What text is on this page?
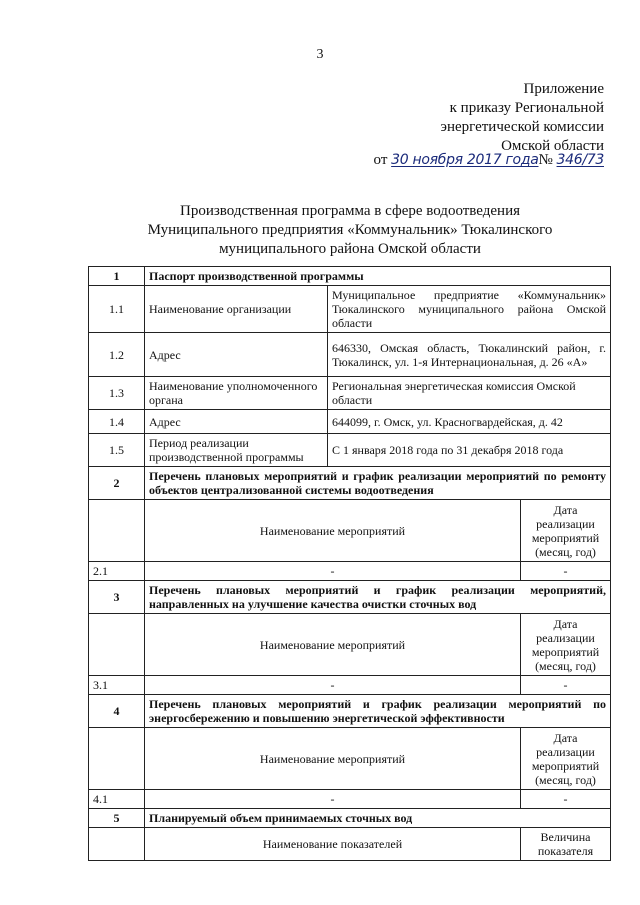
3
Приложение
к приказу Региональной
энергетической комиссии
Омской области
от 30 ноября 2017 года№ 346/73
Производственная программа в сфере водоотведения
Муниципального предприятия «Коммунальник» Тюкалинского
муниципального района Омской области
1	Паспорт производственной программы		
1.1	Наименование организации	Муниципальное предприятие «Коммунальник» Тюкалинского муниципального района Омской области	
1.2	Адрес	646330, Омская область, Тюкалинский район, г. Тюкалинск, ул. 1-я Интернациональная, д. 26 «А»	
1.3	Наименование уполномоченного органа	Региональная энергетическая комиссия Омской области	
1.4	Адрес	644099, г. Омск, ул. Красногвардейская, д. 42	
1.5	Период реализации производственной программы	С 1 января 2018 года по 31 декабря 2018 года	
2	Перечень плановых мероприятий и график реализации мероприятий по ремонту объектов централизованной системы водоотведения		
	Наименование мероприятий		Дата реализации мероприятий (месяц, год)
2.1	-		-
3	Перечень плановых мероприятий и график реализации мероприятий, направленных на улучшение качества очистки сточных вод		
	Наименование мероприятий		Дата реализации мероприятий (месяц, год)
3.1	-		-
4	Перечень плановых мероприятий и график реализации мероприятий по энергосбережению и повышению энергетической эффективности		
	Наименование мероприятий		Дата реализации мероприятий (месяц, год)
4.1	-		-
5	Планируемый объем принимаемых сточных вод		
	Наименование показателей		Величина показателя
